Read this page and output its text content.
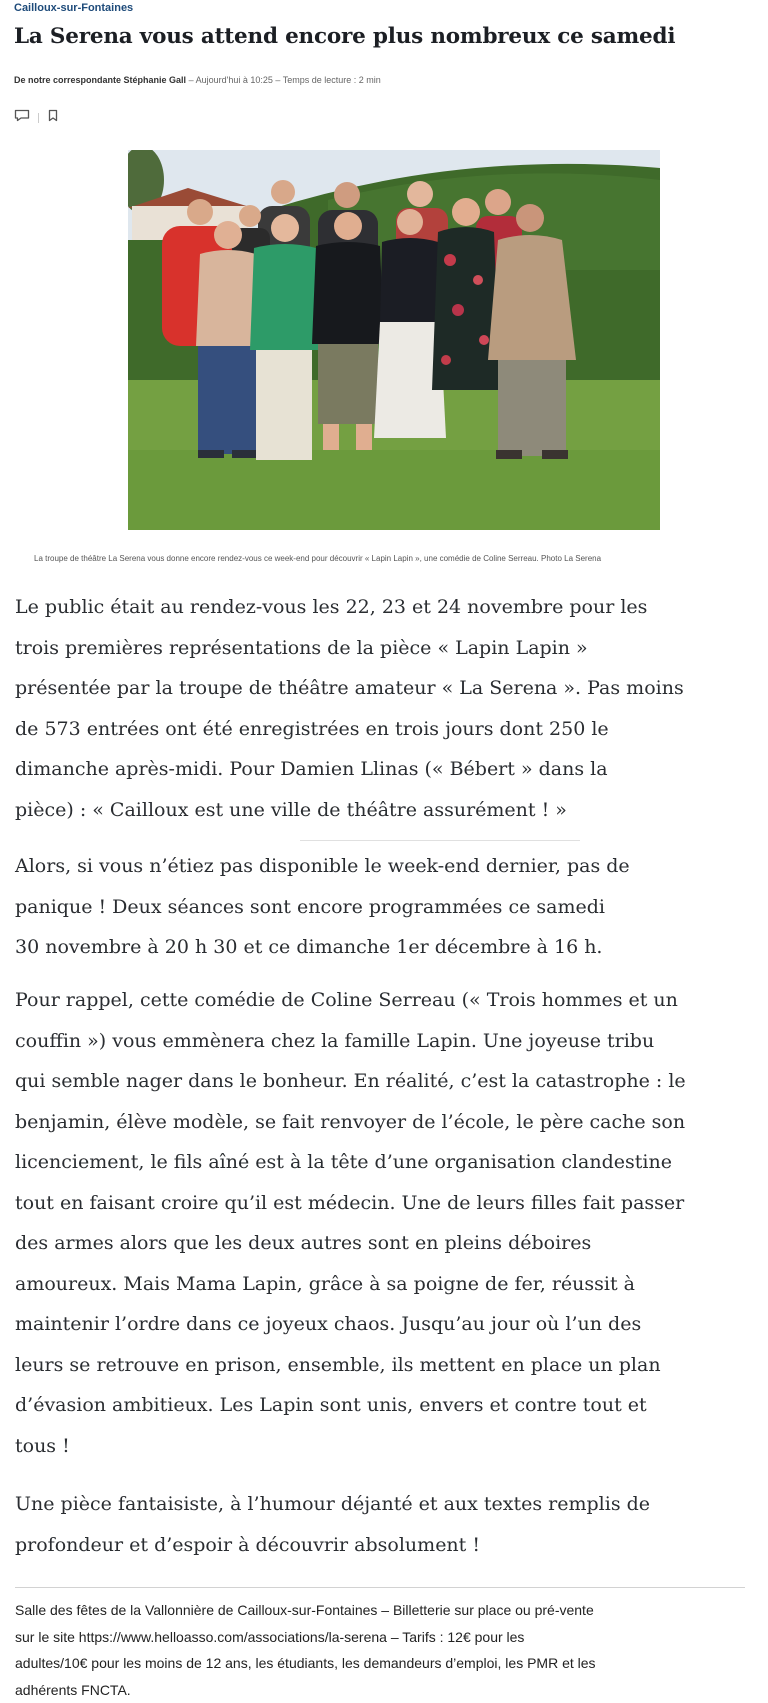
Cailloux-sur-Fontaines
La Serena vous attend encore plus nombreux ce samedi
De notre correspondante Stéphanie Gall – Aujourd'hui à 10:25 – Temps de lecture : 2 min
La troupe de théâtre La Serena vous donne encore rendez-vous ce week-end pour découvrir « Lapin Lapin », une comédie de Coline Serreau. Photo La Serena

Le public était au rendez-vous les 22, 23 et 24 novembre pour les
trois premières représentations de la pièce « Lapin Lapin »
présentée par la troupe de théâtre amateur « La Serena ». Pas moins
de 573 entrées ont été enregistrées en trois jours dont 250 le
dimanche après-midi. Pour Damien Llinas (« Bébert » dans la
pièce) : « Cailloux est une ville de théâtre assurément ! »

Alors, si vous n’étiez pas disponible le week-end dernier, pas de
panique ! Deux séances sont encore programmées ce samedi
30 novembre à 20 h 30 et ce dimanche 1er décembre à 16 h.

Pour rappel, cette comédie de Coline Serreau (« Trois hommes et un
couffin ») vous emmènera chez la famille Lapin. Une joyeuse tribu
qui semble nager dans le bonheur. En réalité, c’est la catastrophe : le
benjamin, élève modèle, se fait renvoyer de l’école, le père cache son
licenciement, le fils aîné est à la tête d’une organisation clandestine
tout en faisant croire qu’il est médecin. Une de leurs filles fait passer
des armes alors que les deux autres sont en pleins déboires
amoureux. Mais Mama Lapin, grâce à sa poigne de fer, réussit à
maintenir l’ordre dans ce joyeux chaos. Jusqu’au jour où l’un des
leurs se retrouve en prison, ensemble, ils mettent en place un plan
d’évasion ambitieux. Les Lapin sont unis, envers et contre tout et
tous !

Une pièce fantaisiste, à l’humour déjanté et aux textes remplis de
profondeur et d’espoir à découvrir absolument !

Salle des fêtes de la Vallonnière de Cailloux-sur-Fontaines – Billetterie sur place ou pré-vente
sur le site https://www.helloasso.com/associations/la-serena – Tarifs : 12€ pour les
adultes/10€ pour les moins de 12 ans, les étudiants, les demandeurs d’emploi, les PMR et les
adhérents FNCTA.
